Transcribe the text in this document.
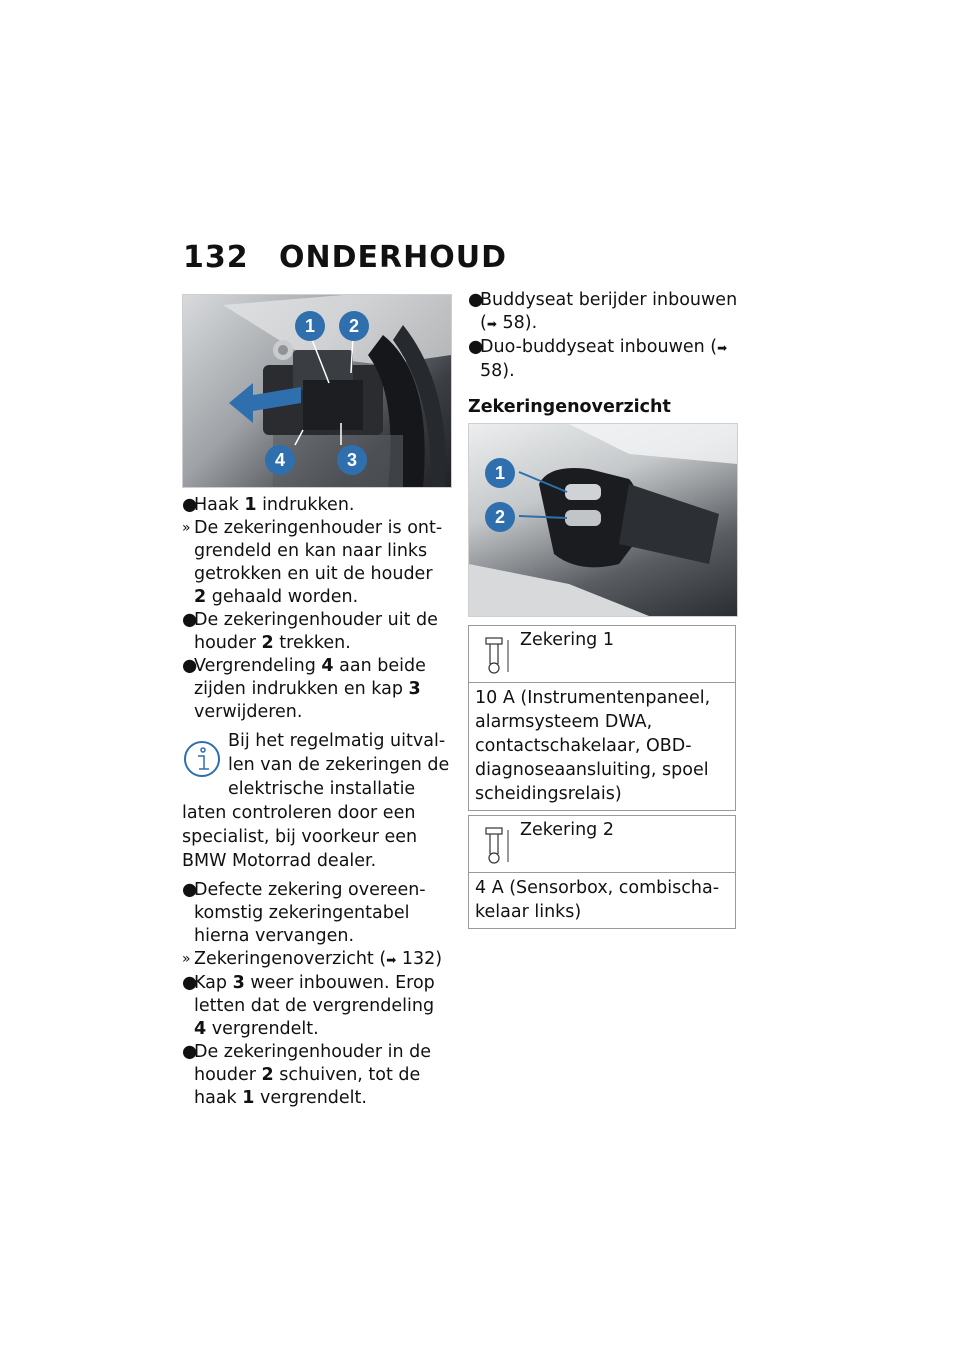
132 ONDERHOUD
1	2
3
4

●
Haak 1 indrukken.

» De zekeringenhouder is ontgrendeld en kan naar links getrokken en uit de houder 2 gehaald worden.

●
De zekeringenhouder uit de houder 2 trekken.

●
Vergrendeling 4 aan beide zijden indrukken en kap 3 verwijderen.

Bij het regelmatig uitvallen van de zekeringen de elektrische installatie laten controleren door een specialist, bij voorkeur een BMW Motorrad dealer.

●
Defecte zekering overeenkomstig zekeringentabel hierna vervangen.

» Zekeringenoverzicht (➡ 132)

●
Kap 3 weer inbouwen. Erop letten dat de vergrendeling 4 vergrendelt.

●
De zekeringenhouder in de houder 2 schuiven, tot de haak 1 vergrendelt.

●
Buddyseat berijder inbouwen (➡ 58).

●
Duo-buddyseat inbouwen (➡ 58).

Zekeringenoverzicht
1
2
Zekering 1
10 A (Instrumentenpaneel, alarmsysteem DWA, contactschakelaar, OBD-diagnoseaansluiting, spoel scheidingsrelais)
Zekering 2
4 A (Sensorbox, combischakelaar links)
